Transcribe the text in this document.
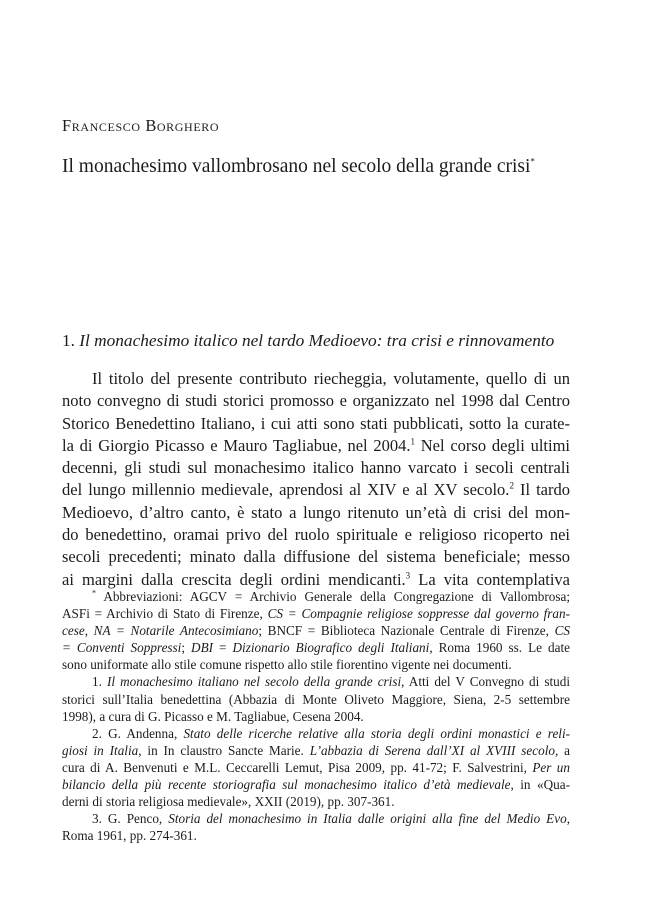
Francesco Borghero
Il monachesimo vallombrosano nel secolo della grande crisi*
1. Il monachesimo italico nel tardo Medioevo: tra crisi e rinnovamento
Il titolo del presente contributo riecheggia, volutamente, quello di un
noto convegno di studi storici promosso e organizzato nel 1998 dal Centro
Storico Benedettino Italiano, i cui atti sono stati pubblicati, sotto la curate-
la di Giorgio Picasso e Mauro Tagliabue, nel 2004.$^1$ Nel corso degli ultimi
decenni, gli studi sul monachesimo italico hanno varcato i secoli centrali
del lungo millennio medievale, aprendosi al XIV e al XV secolo.$^2$ Il tardo
Medioevo, d’altro canto, è stato a lungo ritenuto un’età di crisi del mon-
do benedettino, oramai privo del ruolo spirituale e religioso ricoperto nei
secoli precedenti; minato dalla diffusione del sistema beneficiale; messo
ai margini dalla crescita degli ordini mendicanti.$^3$ La vita contemplativa
* Abbreviazioni: AGCV = Archivio Generale della Congregazione di Vallombrosa;
ASFi = Archivio di Stato di Firenze, CS = Compagnie religiose soppresse dal governo fran-
cese, NA = Notarile Antecosimiano; BNCF = Biblioteca Nazionale Centrale di Firenze, CS
= Conventi Soppressi; DBI = Dizionario Biografico degli Italiani, Roma 1960 ss. Le date
sono uniformate allo stile comune rispetto allo stile fiorentino vigente nei documenti.
1. Il monachesimo italiano nel secolo della grande crisi, Atti del V Convegno di studi
storici sull’Italia benedettina (Abbazia di Monte Oliveto Maggiore, Siena, 2-5 settembre
1998), a cura di G. Picasso e M. Tagliabue, Cesena 2004.
2. G. Andenna, Stato delle ricerche relative alla storia degli ordini monastici e reli-
giosi in Italia, in In claustro Sancte Marie. L’abbazia di Serena dall’XI al XVIII secolo, a
cura di A. Benvenuti e M.L. Ceccarelli Lemut, Pisa 2009, pp. 41-72; F. Salvestrini, Per un
bilancio della più recente storiografia sul monachesimo italico d’età medievale, in «Qua-
derni di storia religiosa medievale», XXII (2019), pp. 307-361.
3. G. Penco, Storia del monachesimo in Italia dalle origini alla fine del Medio Evo,
Roma 1961, pp. 274-361.
